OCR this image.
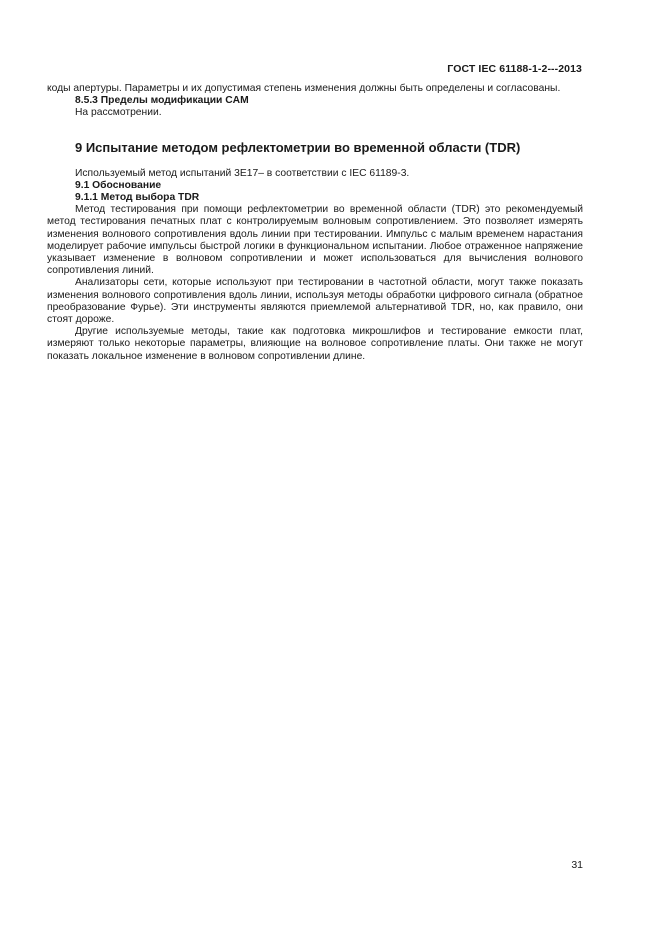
ГОСТ IEC 61188-1-2---2013

коды апертуры. Параметры и их допустимая степень изменения должны быть определены и согласованы.

8.5.3 Пределы модификации CAM

На рассмотрении.

9 Испытание методом рефлектометрии во временной области (TDR)

Используемый метод испытаний 3E17– в соответствии с IEC 61189-3.

9.1 Обоснование

9.1.1 Метод выбора TDR

Метод тестирования при помощи рефлектометрии во временной области (TDR) это рекомендуемый метод тестирования печатных плат с контролируемым волновым сопротивлением. Это позволяет измерять изменения волнового сопротивления вдоль линии при тестировании. Импульс с малым временем нарастания моделирует рабочие импульсы быстрой логики в функциональном испытании. Любое отраженное напряжение указывает изменение в волновом сопротивлении и может использоваться для вычисления волнового сопротивления линий.

Анализаторы сети, которые используют при тестировании в частотной области, могут также показать изменения волнового сопротивления вдоль линии, используя методы обработки цифрового сигнала (обратное преобразование Фурье). Эти инструменты являются приемлемой альтернативой TDR, но, как правило, они стоят дороже.

Другие используемые методы, такие как подготовка микрошлифов и тестирование емкости плат, измеряют только некоторые параметры, влияющие на волновое сопротивление платы. Они также не могут показать локальное изменение в волновом сопротивлении длине.

31
